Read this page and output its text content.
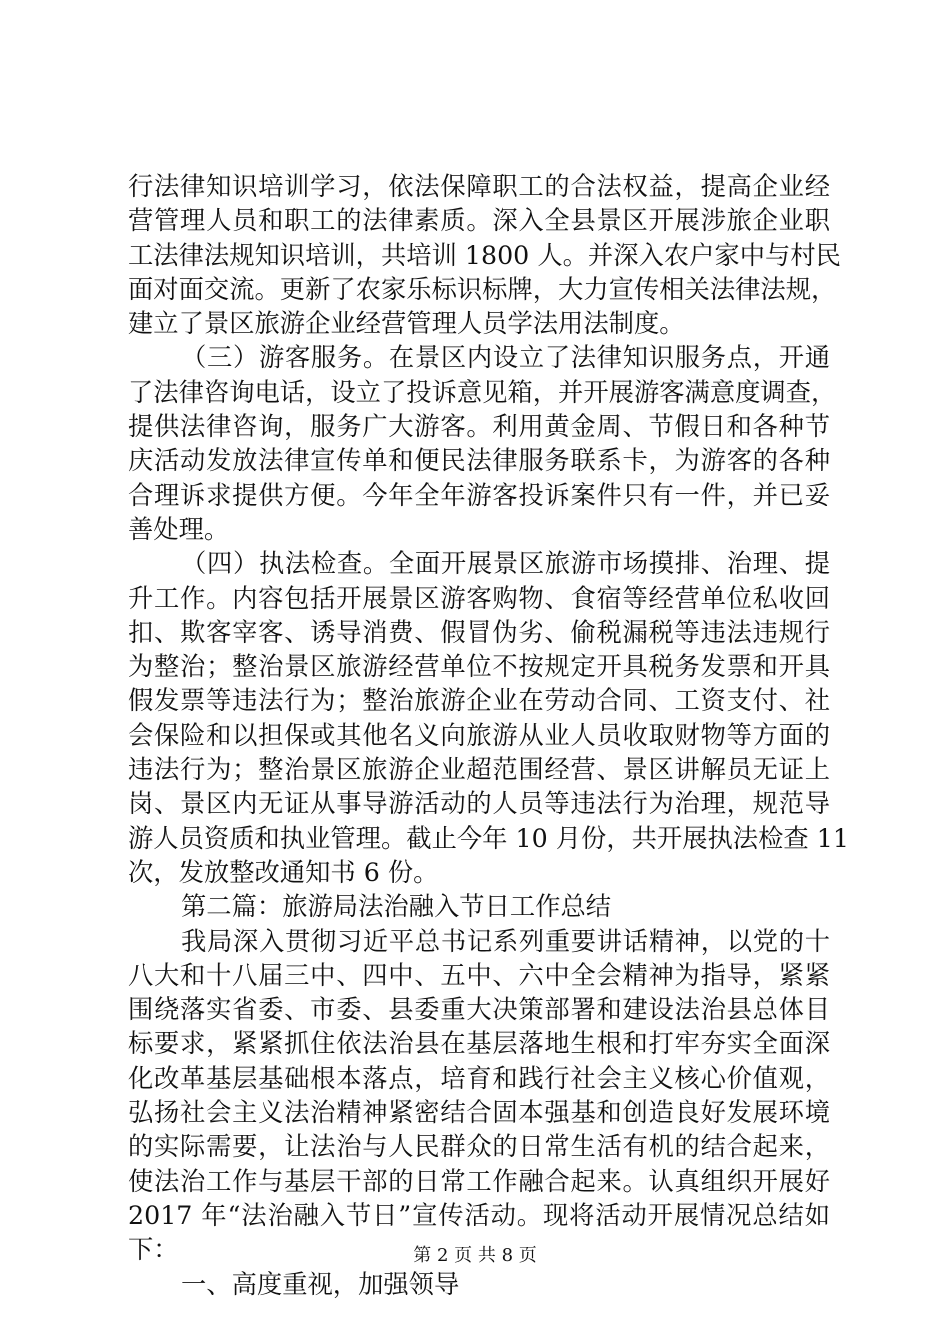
行法律知识培训学习，依法保障职工的合法权益，提高企业经
营管理人员和职工的法律素质。深入全县景区开展涉旅企业职
工法律法规知识培训，共培训 1800 人。并深入农户家中与村民
面对面交流。更新了农家乐标识标牌，大力宣传相关法律法规，
建立了景区旅游企业经营管理人员学法用法制度。
（三）游客服务。在景区内设立了法律知识服务点，开通
了法律咨询电话，设立了投诉意见箱，并开展游客满意度调查，
提供法律咨询，服务广大游客。利用黄金周、节假日和各种节
庆活动发放法律宣传单和便民法律服务联系卡，为游客的各种
合理诉求提供方便。今年全年游客投诉案件只有一件，并已妥
善处理。
（四）执法检查。全面开展景区旅游市场摸排、治理、提
升工作。内容包括开展景区游客购物、食宿等经营单位私收回
扣、欺客宰客、诱导消费、假冒伪劣、偷税漏税等违法违规行
为整治；整治景区旅游经营单位不按规定开具税务发票和开具
假发票等违法行为；整治旅游企业在劳动合同、工资支付、社
会保险和以担保或其他名义向旅游从业人员收取财物等方面的
违法行为；整治景区旅游企业超范围经营、景区讲解员无证上
岗、景区内无证从事导游活动的人员等违法行为治理，规范导
游人员资质和执业管理。截止今年 10 月份，共开展执法检查 11
次，发放整改通知书 6 份。
第二篇：旅游局法治融入节日工作总结
我局深入贯彻习近平总书记系列重要讲话精神，以党的十
八大和十八届三中、四中、五中、六中全会精神为指导，紧紧
围绕落实省委、市委、县委重大决策部署和建设法治县总体目
标要求，紧紧抓住依法治县在基层落地生根和打牢夯实全面深
化改革基层基础根本落点，培育和践行社会主义核心价值观，
弘扬社会主义法治精神紧密结合固本强基和创造良好发展环境
的实际需要，让法治与人民群众的日常生活有机的结合起来，
使法治工作与基层干部的日常工作融合起来。认真组织开展好
2017 年“法治融入节日”宣传活动。现将活动开展情况总结如
下：
一、高度重视，加强领导
第 2 页 共 8 页
